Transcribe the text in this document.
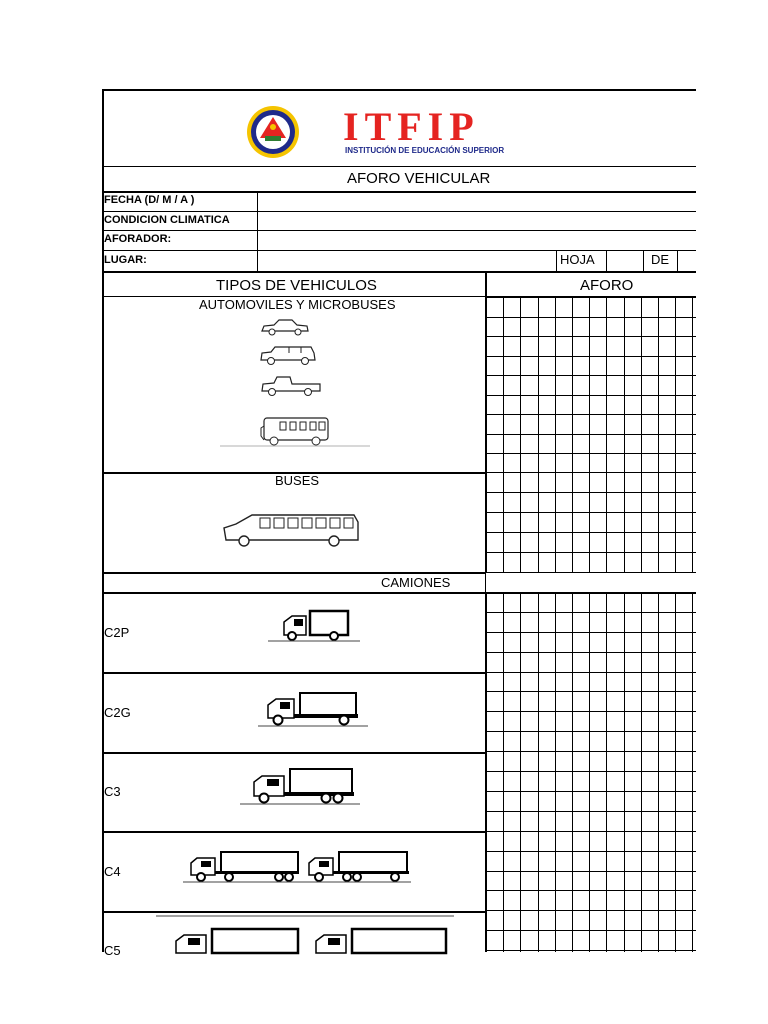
ITFIP
INSTITUCIÓN DE EDUCACIÓN SUPERIOR
AFORO VEHICULAR
FECHA (D/ M / A )
CONDICION CLIMATICA
AFORADOR:
LUGAR:	HOJA	DE
TIPOS DE VEHICULOS	AFORO
AUTOMOVILES Y MICROBUSES
BUSES
CAMIONES
C2P
C2G
C3
C4
C5
